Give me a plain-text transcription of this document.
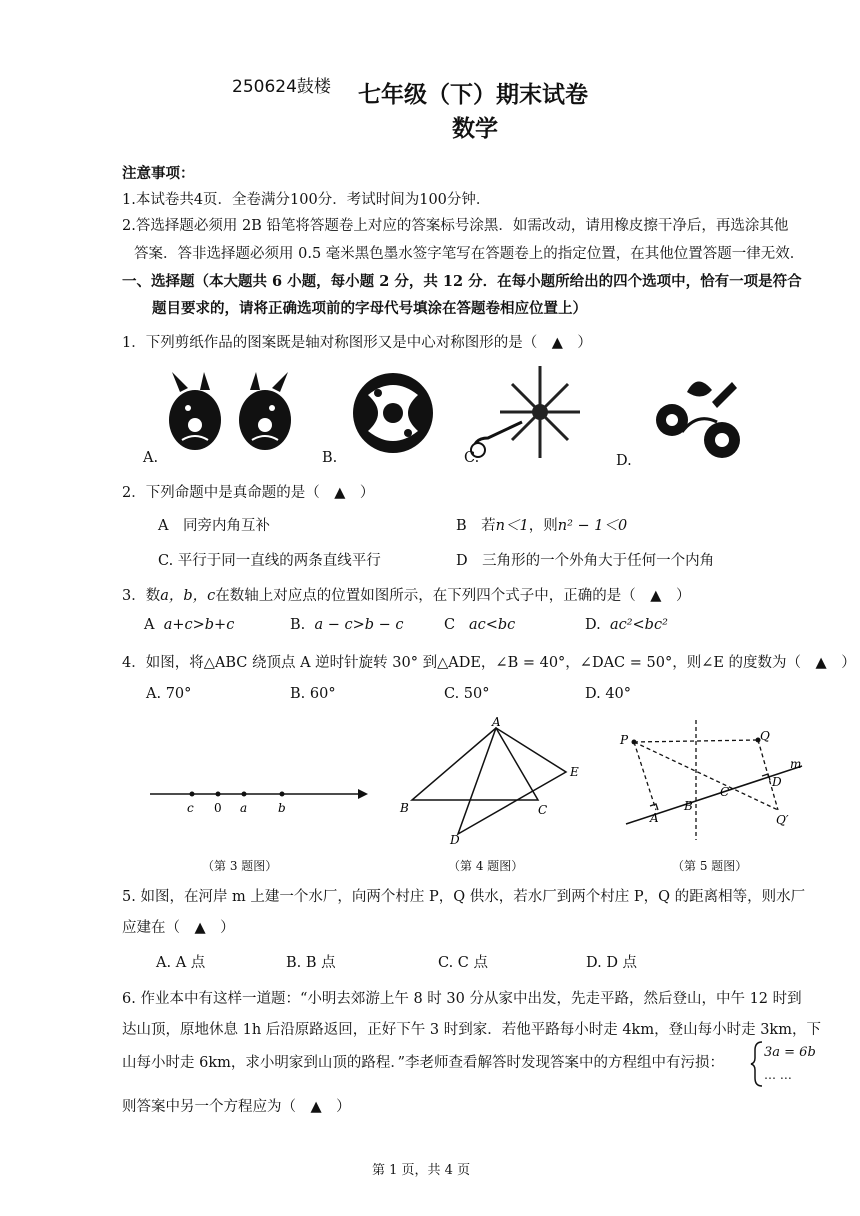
250624鼓楼 七年级（下）期末试卷
数学
注意事项：
1.本试卷共4页．全卷满分100分．考试时间为100分钟．
2.答选择题必须用 2B 铅笔将答题卷上对应的答案标号涂黑．如需改动，请用橡皮擦干净后，再选涂其他
答案．答非选择题必须用 0.5 毫米黑色墨水签字笔写在答题卷上的指定位置，在其他位置答题一律无效．
一、选择题（本大题共 6 小题，每小题 2 分，共 12 分．在每小题所给出的四个选项中，恰有一项是符合
题目要求的，请将正确选项前的字母代号填涂在答题卷相应位置上）
1．下列剪纸作品的图案既是轴对称图形又是中心对称图形的是（　▲　）
A.	B.	C.	D.
2．下列命题中是真命题的是（　▲　）
A　同旁内角互补	B　若n＜1，则n² − 1＜0
C. 平行于同一直线的两条直线平行	D　三角形的一个外角大于任何一个内角
3．数a，b，c在数轴上对应点的位置如图所示，在下列四个式子中，正确的是（　▲　）
A a+c>b+c	B. a − c>b − c	C ac<bc	D. ac²<bc²
4．如图，将△ABC 绕顶点 A 逆时针旋转 30° 到△ADE，∠B = 40°，∠DAC = 50°，则∠E 的度数为（　▲　）
A. 70°	B. 60°	C. 50°	D. 40°
c 0 a	b
A
B	C
D
E
P	Q
m
A
B
C
D
Q′
（第 3 题图）	（第 4 题图）	（第 5 题图）
5. 如图，在河岸 m 上建一个水厂，向两个村庄 P，Q 供水，若水厂到两个村庄 P，Q 的距离相等，则水厂
应建在（　▲　）
A. A 点	B. B 点	C. C 点	D. D 点
6. 作业本中有这样一道题：“小明去郊游上午 8 时 30 分从家中出发，先走平路，然后登山，中午 12 时到
达山顶，原地休息 1h 后沿原路返回，正好下午 3 时到家．若他平路每小时走 4km，登山每小时走 3km，下
山每小时走 6km，求小明家到山顶的路程．”李老师查看解答时发现答案中的方程组中有污损：
3a = 6b
… …
则答案中另一个方程应为（　▲　）
第 1 页，共 4 页
